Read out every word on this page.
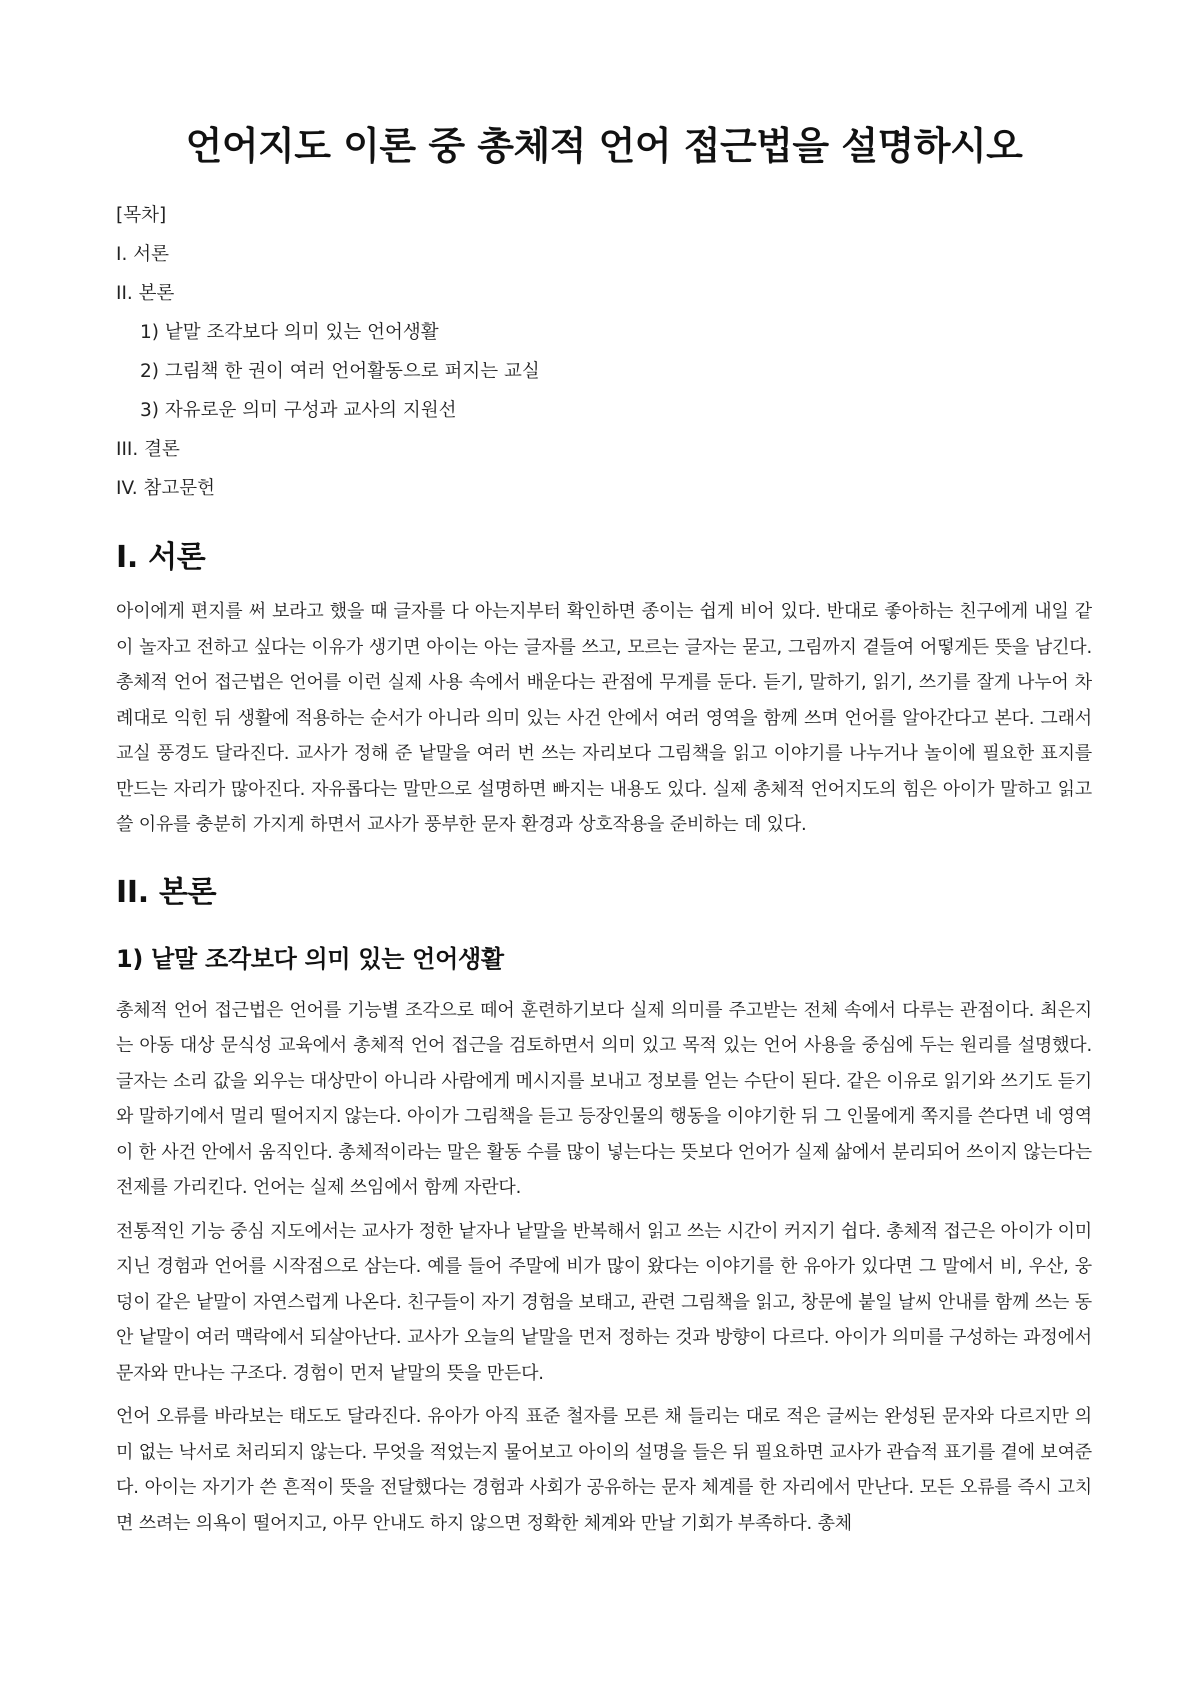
언어지도 이론 중 총체적 언어 접근법을 설명하시오
[목차]
I. 서론
II. 본론
1) 낱말 조각보다 의미 있는 언어생활
2) 그림책 한 권이 여러 언어활동으로 퍼지는 교실
3) 자유로운 의미 구성과 교사의 지원선
III. 결론
IV. 참고문헌
I. 서론

아이에게 편지를 써 보라고 했을 때 글자를 다 아는지부터 확인하면 종이는 쉽게 비어 있다. 반대로 좋아하는 친구에게 내일 같이 놀자고 전하고 싶다는 이유가 생기면 아이는 아는 글자를 쓰고, 모르는 글자는 묻고, 그림까지 곁들여 어떻게든 뜻을 남긴다. 총체적 언어 접근법은 언어를 이런 실제 사용 속에서 배운다는 관점에 무게를 둔다. 듣기, 말하기, 읽기, 쓰기를 잘게 나누어 차례대로 익힌 뒤 생활에 적용하는 순서가 아니라 의미 있는 사건 안에서 여러 영역을 함께 쓰며 언어를 알아간다고 본다. 그래서 교실 풍경도 달라진다. 교사가 정해 준 낱말을 여러 번 쓰는 자리보다 그림책을 읽고 이야기를 나누거나 놀이에 필요한 표지를 만드는 자리가 많아진다. 자유롭다는 말만으로 설명하면 빠지는 내용도 있다. 실제 총체적 언어지도의 힘은 아이가 말하고 읽고 쓸 이유를 충분히 가지게 하면서 교사가 풍부한 문자 환경과 상호작용을 준비하는 데 있다.

II. 본론
1) 낱말 조각보다 의미 있는 언어생활

총체적 언어 접근법은 언어를 기능별 조각으로 떼어 훈련하기보다 실제 의미를 주고받는 전체 속에서 다루는 관점이다. 최은지는 아동 대상 문식성 교육에서 총체적 언어 접근을 검토하면서 의미 있고 목적 있는 언어 사용을 중심에 두는 원리를 설명했다. 글자는 소리 값을 외우는 대상만이 아니라 사람에게 메시지를 보내고 정보를 얻는 수단이 된다. 같은 이유로 읽기와 쓰기도 듣기와 말하기에서 멀리 떨어지지 않는다. 아이가 그림책을 듣고 등장인물의 행동을 이야기한 뒤 그 인물에게 쪽지를 쓴다면 네 영역이 한 사건 안에서 움직인다. 총체적이라는 말은 활동 수를 많이 넣는다는 뜻보다 언어가 실제 삶에서 분리되어 쓰이지 않는다는 전제를 가리킨다. 언어는 실제 쓰임에서 함께 자란다.

전통적인 기능 중심 지도에서는 교사가 정한 낱자나 낱말을 반복해서 읽고 쓰는 시간이 커지기 쉽다. 총체적 접근은 아이가 이미 지닌 경험과 언어를 시작점으로 삼는다. 예를 들어 주말에 비가 많이 왔다는 이야기를 한 유아가 있다면 그 말에서 비, 우산, 웅덩이 같은 낱말이 자연스럽게 나온다. 친구들이 자기 경험을 보태고, 관련 그림책을 읽고, 창문에 붙일 날씨 안내를 함께 쓰는 동안 낱말이 여러 맥락에서 되살아난다. 교사가 오늘의 낱말을 먼저 정하는 것과 방향이 다르다. 아이가 의미를 구성하는 과정에서 문자와 만나는 구조다. 경험이 먼저 낱말의 뜻을 만든다.

언어 오류를 바라보는 태도도 달라진다. 유아가 아직 표준 철자를 모른 채 들리는 대로 적은 글씨는 완성된 문자와 다르지만 의미 없는 낙서로 처리되지 않는다. 무엇을 적었는지 물어보고 아이의 설명을 들은 뒤 필요하면 교사가 관습적 표기를 곁에 보여준다. 아이는 자기가 쓴 흔적이 뜻을 전달했다는 경험과 사회가 공유하는 문자 체계를 한 자리에서 만난다. 모든 오류를 즉시 고치면 쓰려는 의욕이 떨어지고, 아무 안내도 하지 않으면 정확한 체계와 만날 기회가 부족하다. 총체
